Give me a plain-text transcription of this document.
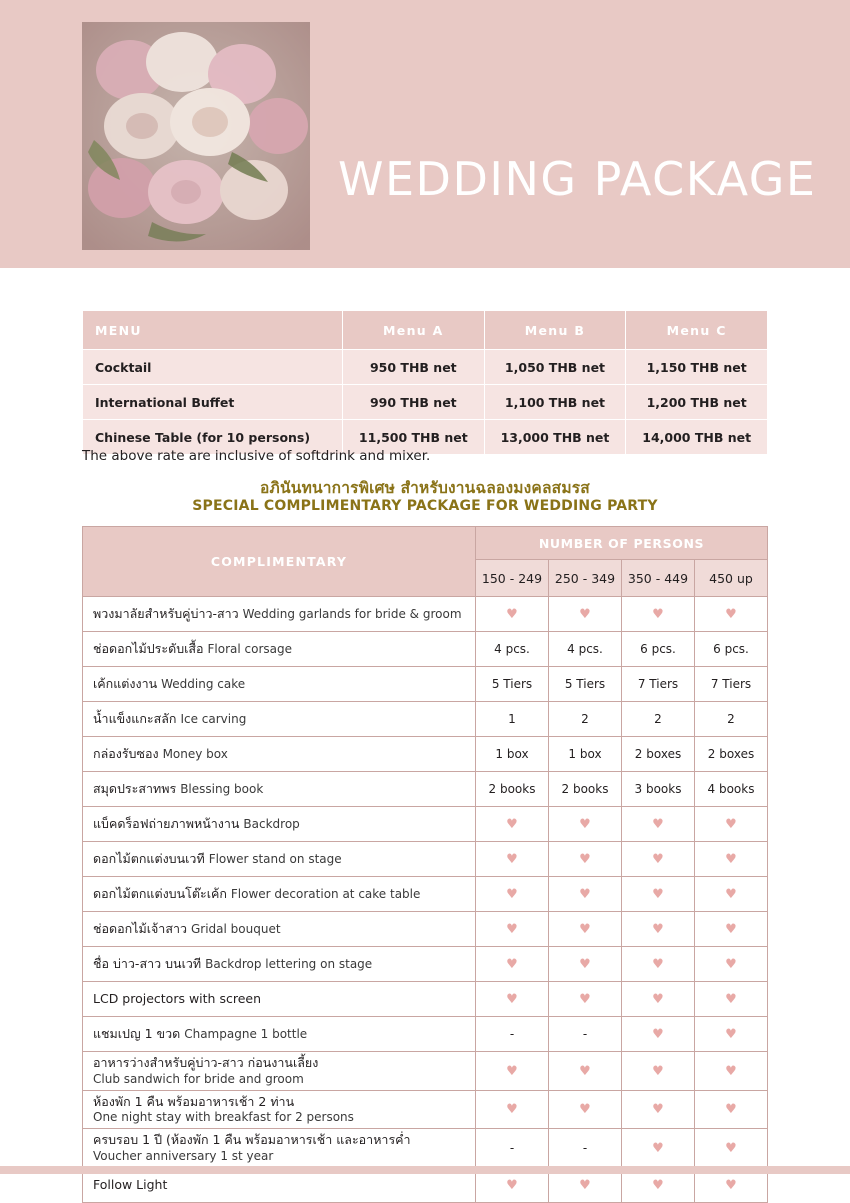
WEDDING PACKAGE
MENU	Menu A	Menu B	Menu C
Cocktail	950 THB net	1,050 THB net	1,150 THB net
International Buffet	990 THB net	1,100 THB net	1,200 THB net
Chinese Table (for 10 persons)	11,500 THB net	13,000 THB net	14,000 THB net
The above rate are inclusive of softdrink and mixer.
อภินันทนาการพิเศษ สำหรับงานฉลองมงคลสมรส
SPECIAL COMPLIMENTARY PACKAGE FOR WEDDING PARTY
COMPLIMENTARY	NUMBER OF PERSONS			
	150 - 249	250 - 349	350 - 449	450 up
พวงมาลัยสำหรับคู่บ่าว-สาว Wedding garlands for bride & groom	♥	♥	♥	♥
ช่อดอกไม้ประดับเสื้อ Floral corsage	4 pcs.	4 pcs.	6 pcs.	6 pcs.
เค้กแต่งงาน Wedding cake	5 Tiers	5 Tiers	7 Tiers	7 Tiers
น้ำแข็งแกะสลัก Ice carving	1	2	2	2
กล่องรับซอง Money box	1 box	1 box	2 boxes	2 boxes
สมุดประสาทพร Blessing book	2 books	2 books	3 books	4 books
แบ็คดร็อฟถ่ายภาพหน้างาน Backdrop	♥	♥	♥	♥
ดอกไม้ตกแต่งบนเวที Flower stand on stage	♥	♥	♥	♥
ดอกไม้ตกแต่งบนโต๊ะเค้ก Flower decoration at cake table	♥	♥	♥	♥
ช่อดอกไม้เจ้าสาว Gridal bouquet	♥	♥	♥	♥
ชื่อ บ่าว-สาว บนเวที Backdrop lettering on stage	♥	♥	♥	♥
LCD projectors with screen	♥	♥	♥	♥
แชมเปญ 1 ขวด Champagne 1 bottle	-	-	♥	♥
อาหารว่างสำหรับคู่บ่าว-สาว ก่อนงานเลี้ยง
Club sandwich for bride and groom	♥	♥	♥	♥
ห้องพัก 1 คืน พร้อมอาหารเช้า 2 ท่าน
One night stay with breakfast for 2 persons	♥	♥	♥	♥
ครบรอบ 1 ปี (ห้องพัก 1 คืน พร้อมอาหารเช้า และอาหารค่ำ
Voucher anniversary 1 st year	-	-	♥	♥
Follow Light	♥	♥	♥	♥
